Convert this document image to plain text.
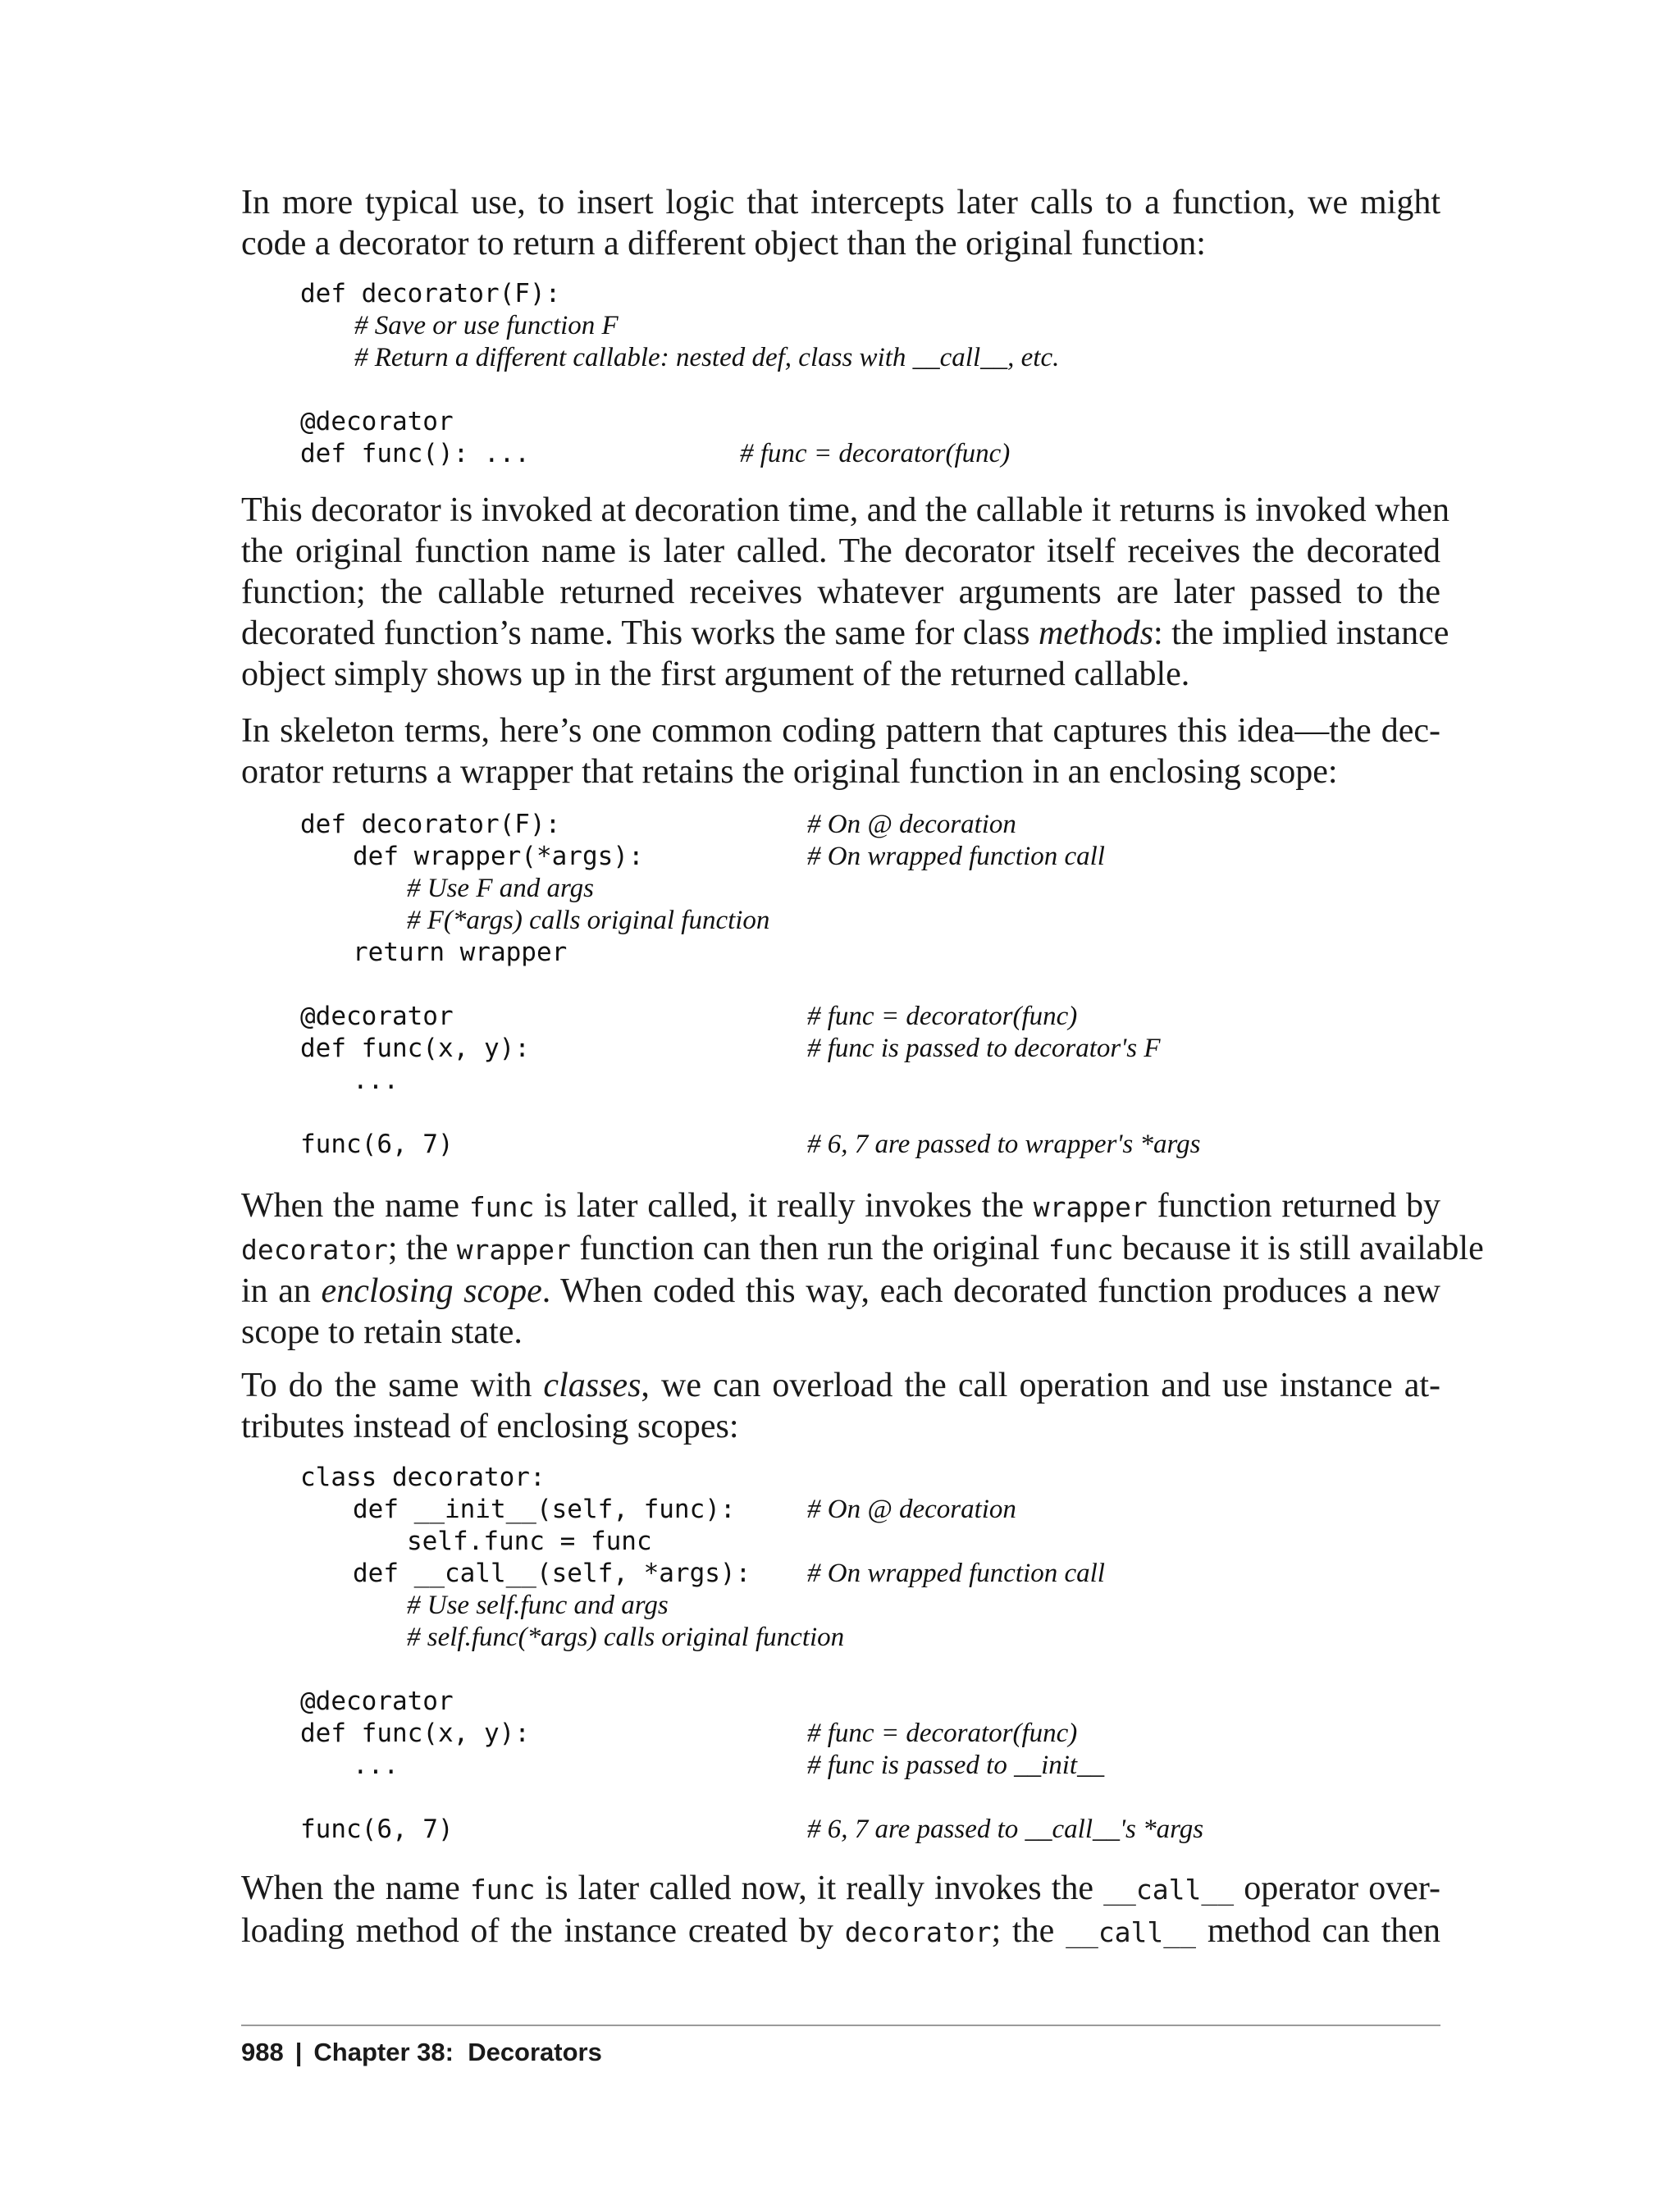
In more typical use, to insert logic that intercepts later calls to a function, we might
code a decorator to return a different object than the original function:
def decorator(F):
# Save or use function F
# Return a different callable: nested def, class with __call__, etc.
@decorator

def func(): ...

	# func = decorator(func)

This decorator is invoked at decoration time, and the callable it returns is invoked when
the original function name is later called. The decorator itself receives the decorated
function; the callable returned receives whatever arguments are later passed to the
decorated function’s name. This works the same for class methods: the implied instance
object simply shows up in the first argument of the returned callable.
In skeleton terms, here’s one common coding pattern that captures this idea—the dec-
orator returns a wrapper that retains the original function in an enclosing scope:

def decorator(F):

	# On @ decoration

def wrapper(*args):

	# On wrapped function call

# Use F and args
# F(*args) calls original function
return wrapper

@decorator

	# func = decorator(func)

def func(x, y):

	# func is passed to decorator's F

...

func(6, 7)

	# 6, 7 are passed to wrapper's *args

When the name func is later called, it really invokes the wrapper function returned by
decorator; the wrapper function can then run the original func because it is still available
in an enclosing scope. When coded this way, each decorated function produces a new
scope to retain state.
To do the same with classes, we can overload the call operation and use instance at-
tributes instead of enclosing scopes:
class decorator:

def __init__(self, func):

	# On @ decoration

self.func = func

def __call__(self, *args):

# On wrapped function call

# Use self.func and args
# self.func(*args) calls original function
@decorator

def func(x, y):

	# func = decorator(func)

...

	# func is passed to __init__

func(6, 7)

	# 6, 7 are passed to __call__'s *args

When the name func is later called now, it really invokes the __call__ operator over-
loading method of the instance created by decorator; the __call__ method can then
988 | Chapter 38:  Decorators
